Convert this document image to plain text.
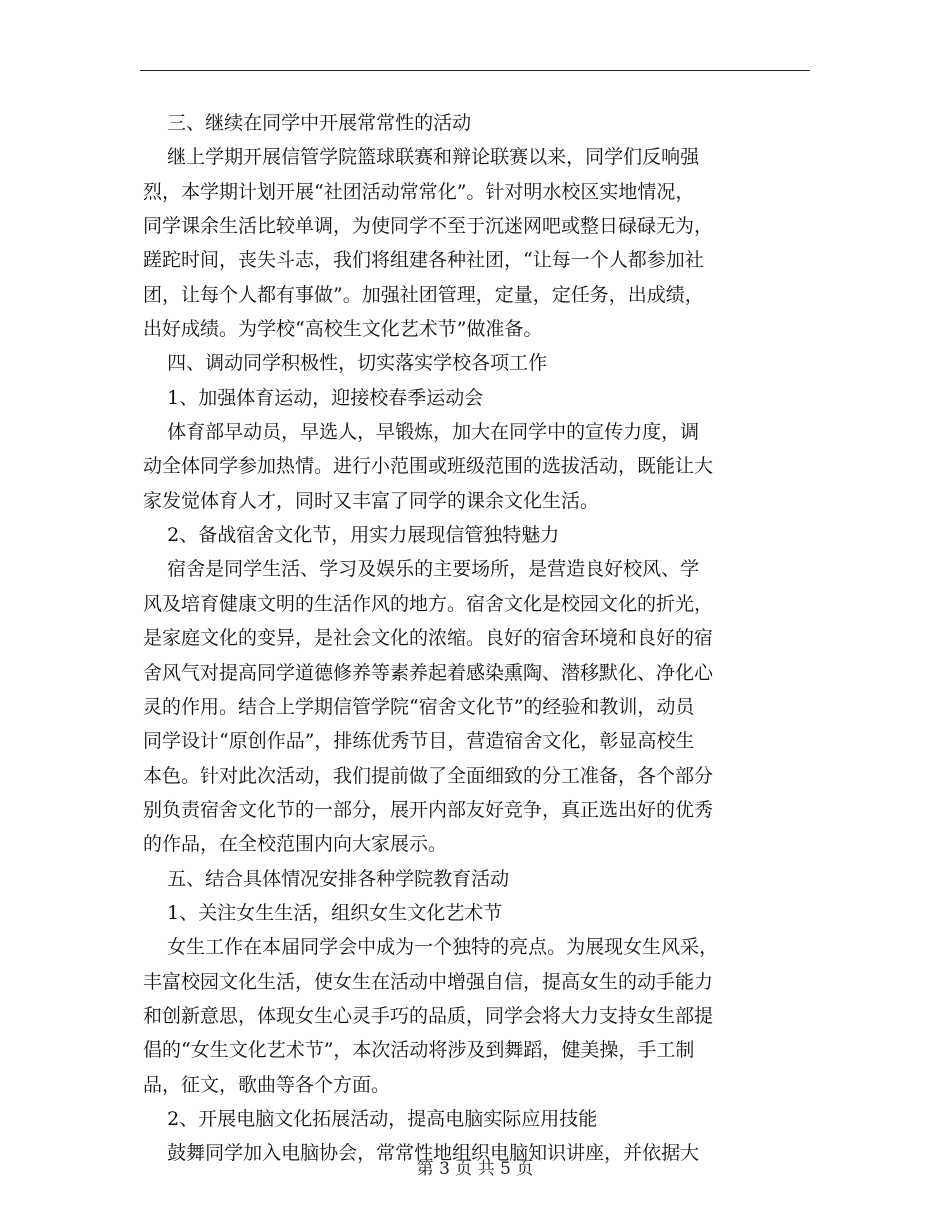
三、继续在同学中开展常常性的活动
继上学期开展信管学院篮球联赛和辩论联赛以来，同学们反响强
烈，本学期计划开展“社团活动常常化”。针对明水校区实地情况，
同学课余生活比较单调，为使同学不至于沉迷网吧或整日碌碌无为，
蹉跎时间，丧失斗志，我们将组建各种社团，“让每一个人都参加社
团，让每个人都有事做”。加强社团管理，定量，定任务，出成绩，
出好成绩。为学校“高校生文化艺术节”做准备。
四、调动同学积极性，切实落实学校各项工作
1、加强体育运动，迎接校春季运动会
体育部早动员，早选人，早锻炼，加大在同学中的宣传力度，调
动全体同学参加热情。进行小范围或班级范围的选拔活动，既能让大
家发觉体育人才，同时又丰富了同学的课余文化生活。
2、备战宿舍文化节，用实力展现信管独特魅力
宿舍是同学生活、学习及娱乐的主要场所，是营造良好校风、学
风及培育健康文明的生活作风的地方。宿舍文化是校园文化的折光，
是家庭文化的变异，是社会文化的浓缩。良好的宿舍环境和良好的宿
舍风气对提高同学道德修养等素养起着感染熏陶、潜移默化、净化心
灵的作用。结合上学期信管学院“宿舍文化节”的经验和教训，动员
同学设计“原创作品”，排练优秀节目，营造宿舍文化，彰显高校生
本色。针对此次活动，我们提前做了全面细致的分工准备，各个部分
别负责宿舍文化节的一部分，展开内部友好竞争，真正选出好的优秀
的作品，在全校范围内向大家展示。
五、结合具体情况安排各种学院教育活动
1、关注女生生活，组织女生文化艺术节
女生工作在本届同学会中成为一个独特的亮点。为展现女生风采，
丰富校园文化生活，使女生在活动中增强自信，提高女生的动手能力
和创新意思，体现女生心灵手巧的品质，同学会将大力支持女生部提
倡的“女生文化艺术节”，本次活动将涉及到舞蹈，健美操，手工制
品，征文，歌曲等各个方面。
2、开展电脑文化拓展活动，提高电脑实际应用技能
鼓舞同学加入电脑协会，常常性地组织电脑知识讲座，并依据大
第 3 页 共 5 页
